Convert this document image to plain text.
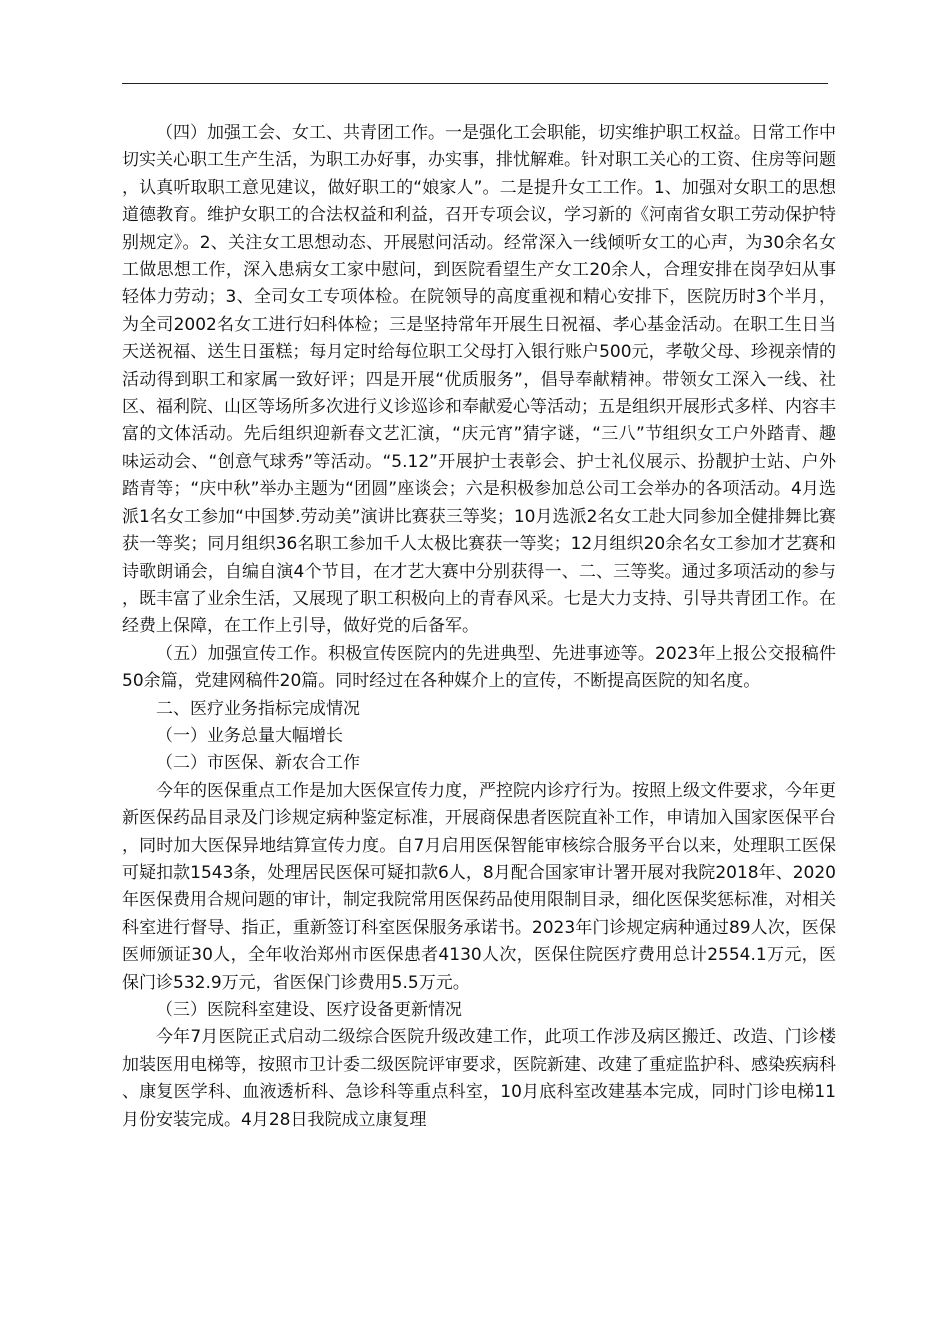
（四）加强工会、女工、共青团工作。一是强化工会职能，切实维护职工权益。日常工作中切实关心职工生产生活，为职工办好事，办实事，排忧解难。针对职工关心的工资、住房等问题，认真听取职工意见建议，做好职工的“娘家人”。二是提升女工工作。1、加强对女职工的思想道德教育。维护女职工的合法权益和利益，召开专项会议，学习新的《河南省女职工劳动保护特别规定》。2、关注女工思想动态、开展慰问活动。经常深入一线倾听女工的心声，为30余名女工做思想工作，深入患病女工家中慰问，到医院看望生产女工20余人，合理安排在岗孕妇从事轻体力劳动；3、全司女工专项体检。在院领导的高度重视和精心安排下，医院历时3个半月，为全司2002名女工进行妇科体检；三是坚持常年开展生日祝福、孝心基金活动。在职工生日当天送祝福、送生日蛋糕；每月定时给每位职工父母打入银行账户500元，孝敬父母、珍视亲情的活动得到职工和家属一致好评；四是开展“优质服务”，倡导奉献精神。带领女工深入一线、社区、福利院、山区等场所多次进行义诊巡诊和奉献爱心等活动；五是组织开展形式多样、内容丰富的文体活动。先后组织迎新春文艺汇演，“庆元宵”猜字谜，“三八”节组织女工户外踏青、趣味运动会、“创意气球秀”等活动。“5.12”开展护士表彰会、护士礼仪展示、扮靓护士站、户外踏青等；“庆中秋”举办主题为“团圆”座谈会；六是积极参加总公司工会举办的各项活动。4月选派1名女工参加“中国梦.劳动美”演讲比赛获三等奖；10月选派2名女工赴大同参加全健排舞比赛获一等奖；同月组织36名职工参加千人太极比赛获一等奖；12月组织20余名女工参加才艺赛和诗歌朗诵会，自编自演4个节目，在才艺大赛中分别获得一、二、三等奖。通过多项活动的参与，既丰富了业余生活，又展现了职工积极向上的青春风采。七是大力支持、引导共青团工作。在经费上保障，在工作上引导，做好党的后备军。

（五）加强宣传工作。积极宣传医院内的先进典型、先进事迹等。2023年上报公交报稿件50余篇，党建网稿件20篇。同时经过在各种媒介上的宣传，不断提高医院的知名度。

二、医疗业务指标完成情况

（一）业务总量大幅增长

（二）市医保、新农合工作

今年的医保重点工作是加大医保宣传力度，严控院内诊疗行为。按照上级文件要求，今年更新医保药品目录及门诊规定病种鉴定标准，开展商保患者医院直补工作，申请加入国家医保平台，同时加大医保异地结算宣传力度。自7月启用医保智能审核综合服务平台以来，处理职工医保可疑扣款1543条，处理居民医保可疑扣款6人，8月配合国家审计署开展对我院2018年、2020年医保费用合规问题的审计，制定我院常用医保药品使用限制目录，细化医保奖惩标准，对相关科室进行督导、指正，重新签订科室医保服务承诺书。2023年门诊规定病种通过89人次，医保医师颁证30人，全年收治郑州市医保患者4130人次，医保住院医疗费用总计2554.1万元，医保门诊532.9万元，省医保门诊费用5.5万元。

（三）医院科室建设、医疗设备更新情况

今年7月医院正式启动二级综合医院升级改建工作，此项工作涉及病区搬迁、改造、门诊楼加装医用电梯等，按照市卫计委二级医院评审要求，医院新建、改建了重症监护科、感染疾病科、康复医学科、血液透析科、急诊科等重点科室，10月底科室改建基本完成，同时门诊电梯11月份安装完成。4月28日我院成立康复理
